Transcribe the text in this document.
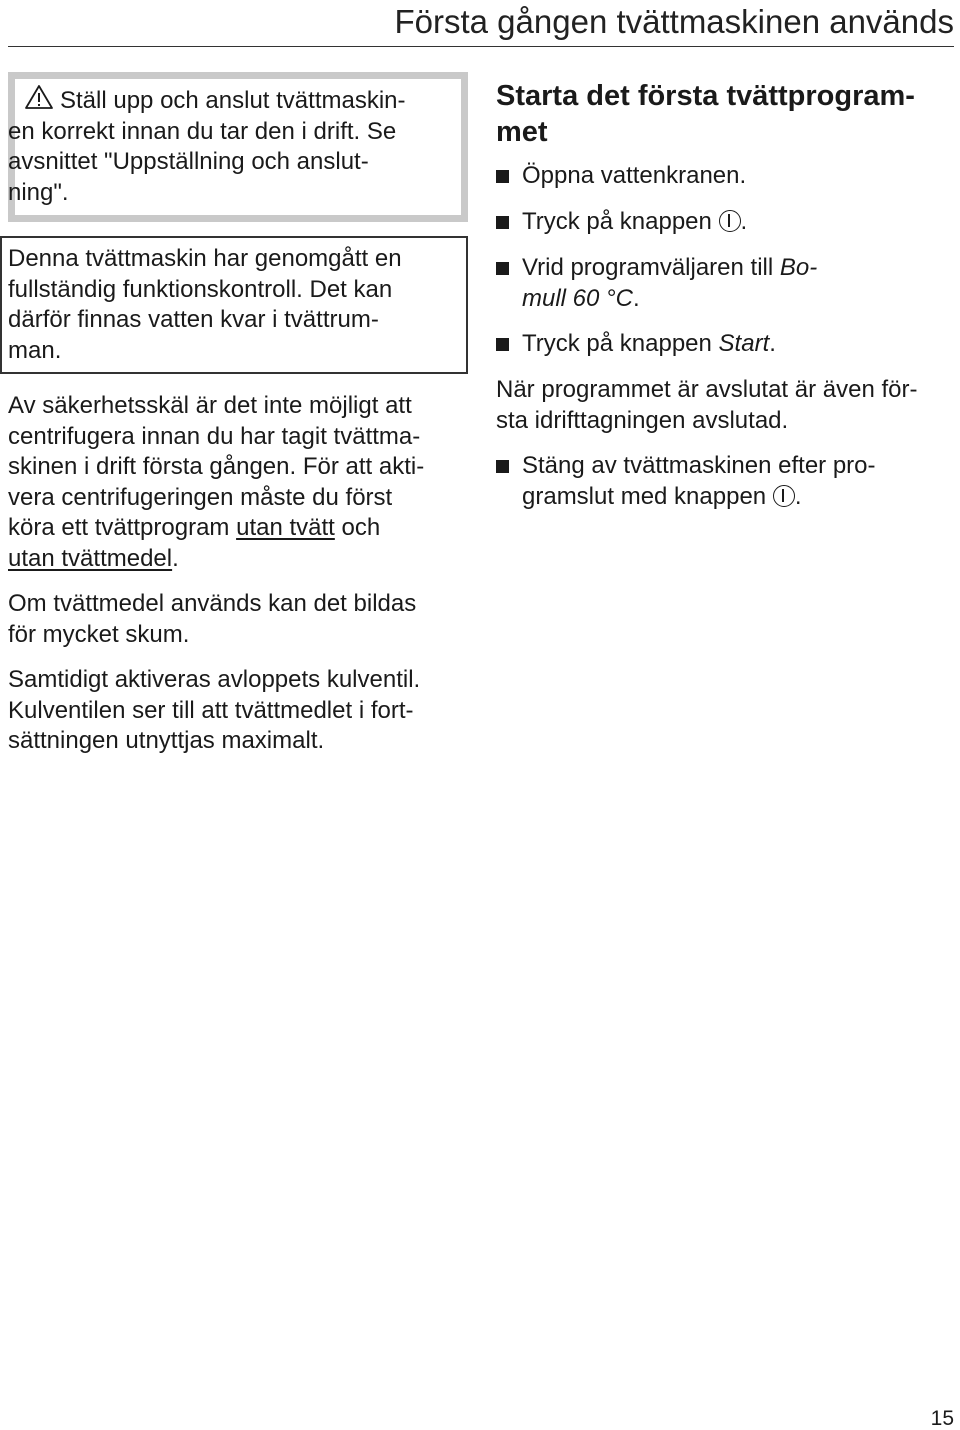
Första gången tvättmaskinen används

Ställ upp och anslut tvättmaskin-
en korrekt innan du tar den i drift. Se
avsnittet "Uppställning och anslut-
ning".

Denna tvättmaskin har genomgått en
fullständig funktionskontroll. Det kan
därför finnas vatten kvar i tvättrum-
man.

Av säkerhetsskäl är det inte möjligt att
centrifugera innan du har tagit tvättma-
skinen i drift första gången. För att akti-
vera centrifugeringen måste du först
köra ett tvättprogram utan tvätt och
utan tvättmedel.

Om tvättmedel används kan det bildas
för mycket skum.

Samtidigt aktiveras avloppets kulventil.
Kulventilen ser till att tvättmedlet i fort-
sättningen utnyttjas maximalt.

Starta det första tvättprogram-
met

Öppna vattenkranen.

Tryck på knappen .

Vrid programväljaren till Bo-
mull 60 °C.

Tryck på knappen Start.

När programmet är avslutat är även för-
sta idrifttagningen avslutad.

Stäng av tvättmaskinen efter pro-
gramslut med knappen .

15
